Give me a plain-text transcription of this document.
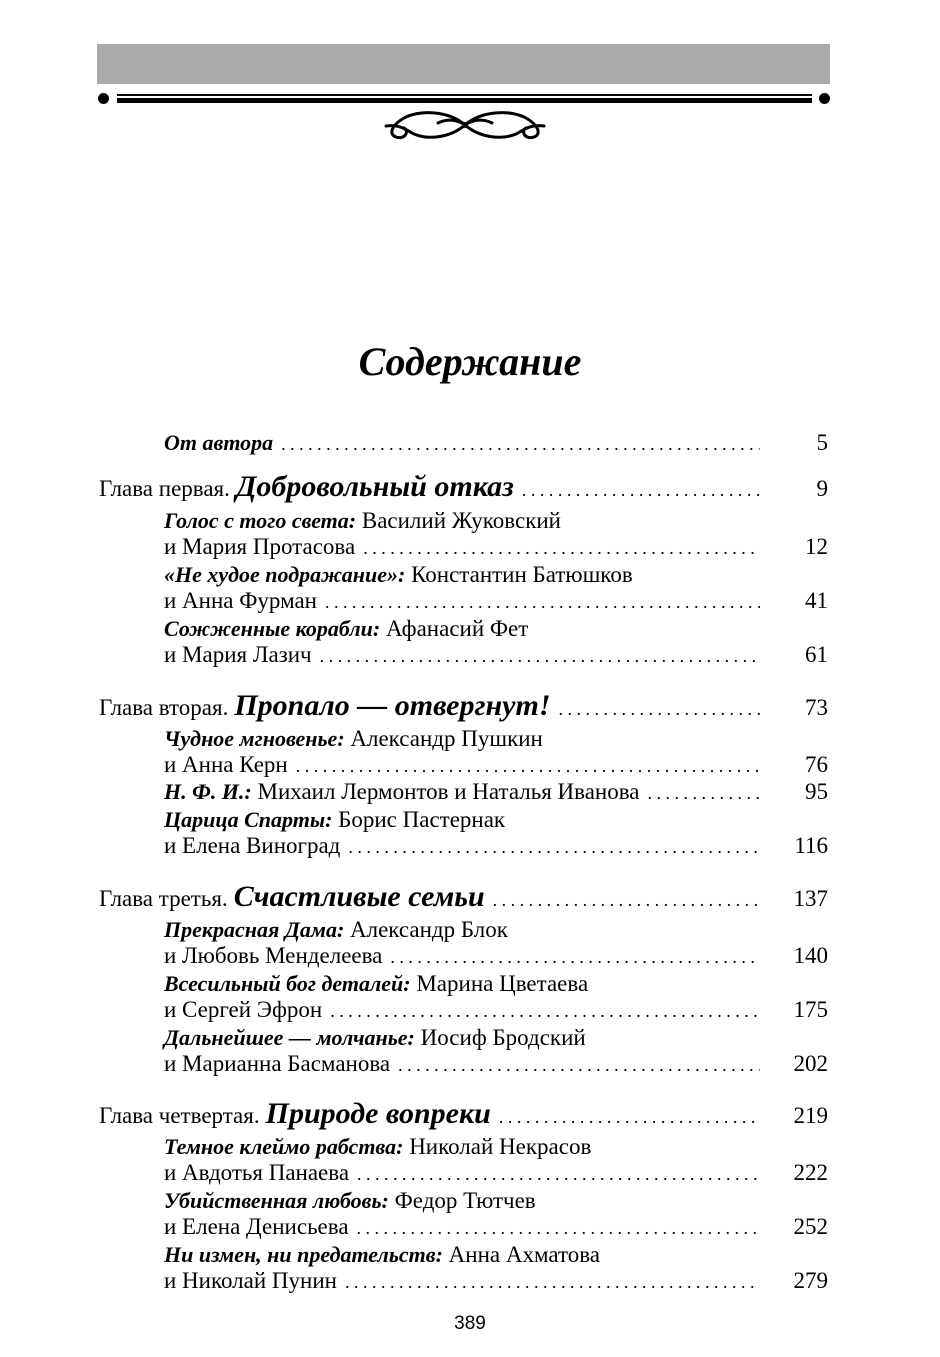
Содержание
От автора . . .	5
Глава первая. Добровольный отказ . . .	9
Голос с того света:
Василий Жуковский
и Мария Протасова . . .	12
«Не худое подражание»:
Константин Батюшков
и Анна Фурман . . .	41
Сожженные корабли:
Афанасий Фет
и Мария Лазич . . .	61
Глава вторая. Пропало — отвергнут! . . .	73
Чудное мгновенье:
Александр Пушкин
и Анна Керн . . .	76
Н. Ф. И.:
Михаил Лермонтов и Наталья Иванова . . .	95
Царица Спарты:
Борис Пастернак
и Елена Виноград . . .	116
Глава третья. Счастливые семьи . . .	137
Прекрасная Дама:
Александр Блок
и Любовь Менделеева . . .	140
Всесильный бог деталей:
Марина Цветаева
и Сергей Эфрон . . .	175
Дальнейшее — молчанье:
Иосиф Бродский
и Марианна Басманова . . .	202
Глава четвертая. Природе вопреки . . .	219
Темное клеймо рабства:
Николай Некрасов
и Авдотья Панаева . . .	222
Убийственная любовь:
Федор Тютчев
и Елена Денисьева . . .	252
Ни измен, ни предательств:
Анна Ахматова
и Николай Пунин . . .	279
389
